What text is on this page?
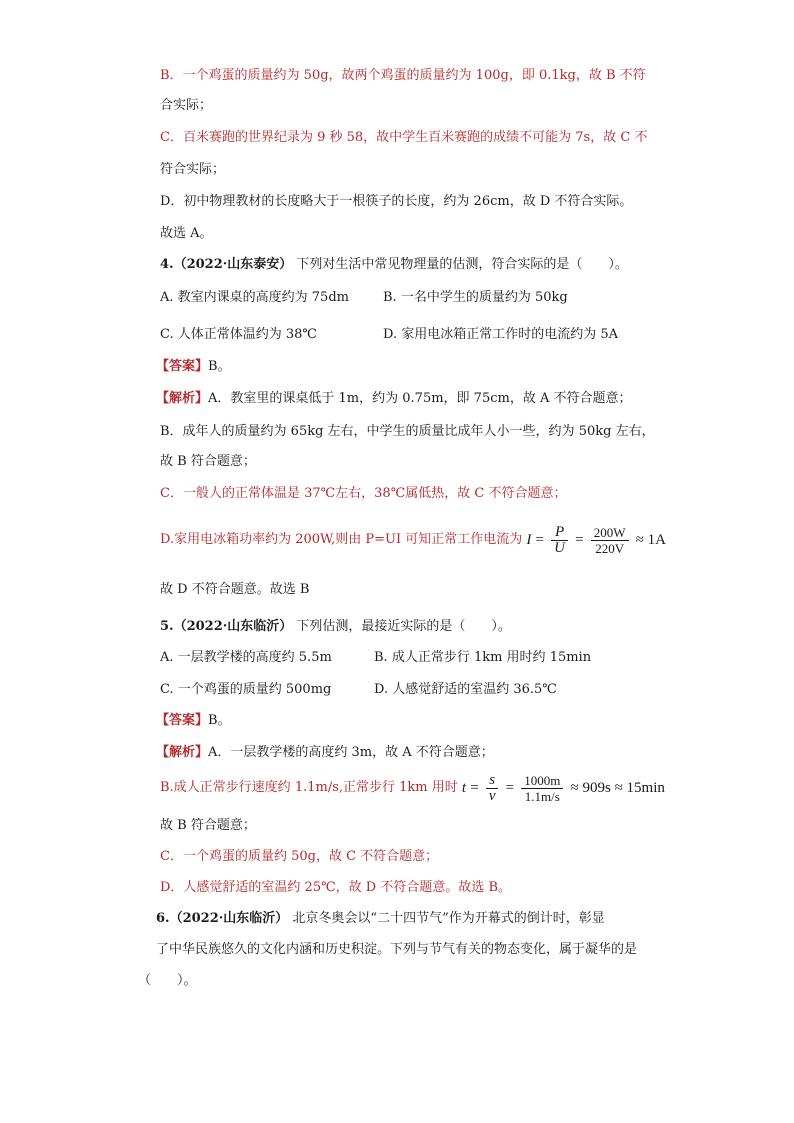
B．一个鸡蛋的质量约为 50g，故两个鸡蛋的质量约为 100g，即 0.1kg，故 B 不符
合实际；
C．百米赛跑的世界纪录为 9 秒 58，故中学生百米赛跑的成绩不可能为 7s，故 C 不
符合实际；
D．初中物理教材的长度略大于一根筷子的长度，约为 26cm，故 D 不符合实际。
故选 A。
4.（2022·山东泰安） 下列对生活中常见物理量的估测，符合实际的是（　　）。
A. 教室内课桌的高度约为 75dm	B. 一名中学生的质量约为 50kg
C. 人体正常体温约为 38℃	D. 家用电冰箱正常工作时的电流约为 5A
【答案】B。
【解析】A．教室里的课桌低于 1m，约为 0.75m，即 75cm，故 A 不符合题意；
B．成年人的质量约为 65kg 左右，中学生的质量比成年人小一些，约为 50kg 左右，
故 B 符合题意；
C．一般人的正常体温是 37℃左右，38℃属低热，故 C 不符合题意；
D.家用电冰箱功率约为 200W,则由 P=UI 可知正常工作电流为 $I = \frac{P}{U} = \frac{200W}{220V} \approx 1A$
故 D 不符合题意。故选 B
5.（2022·山东临沂） 下列估测，最接近实际的是（　　）。
A. 一层教学楼的高度约 5.5m	B. 成人正常步行 1km 用时约 15min
C. 一个鸡蛋的质量约 500mg	D. 人感觉舒适的室温约 36.5℃
【答案】B。
【解析】A．一层教学楼的高度约 3m，故 A 不符合题意；
B.成人正常步行速度约 1.1m/s,正常步行 1km 用时 $t = \frac{s}{v} = \frac{1000m}{1.1m/s} \approx 909s \approx 15\min$
故 B 符合题意；
C．一个鸡蛋的质量约 50g，故 C 不符合题意；
D．人感觉舒适的室温约 25℃，故 D 不符合题意。故选 B。
6.（2022·山东临沂） 北京冬奥会以“二十四节气”作为开幕式的倒计时，彰显
了中华民族悠久的文化内涵和历史积淀。下列与节气有关的物态变化，属于凝华的是
（　　）。
